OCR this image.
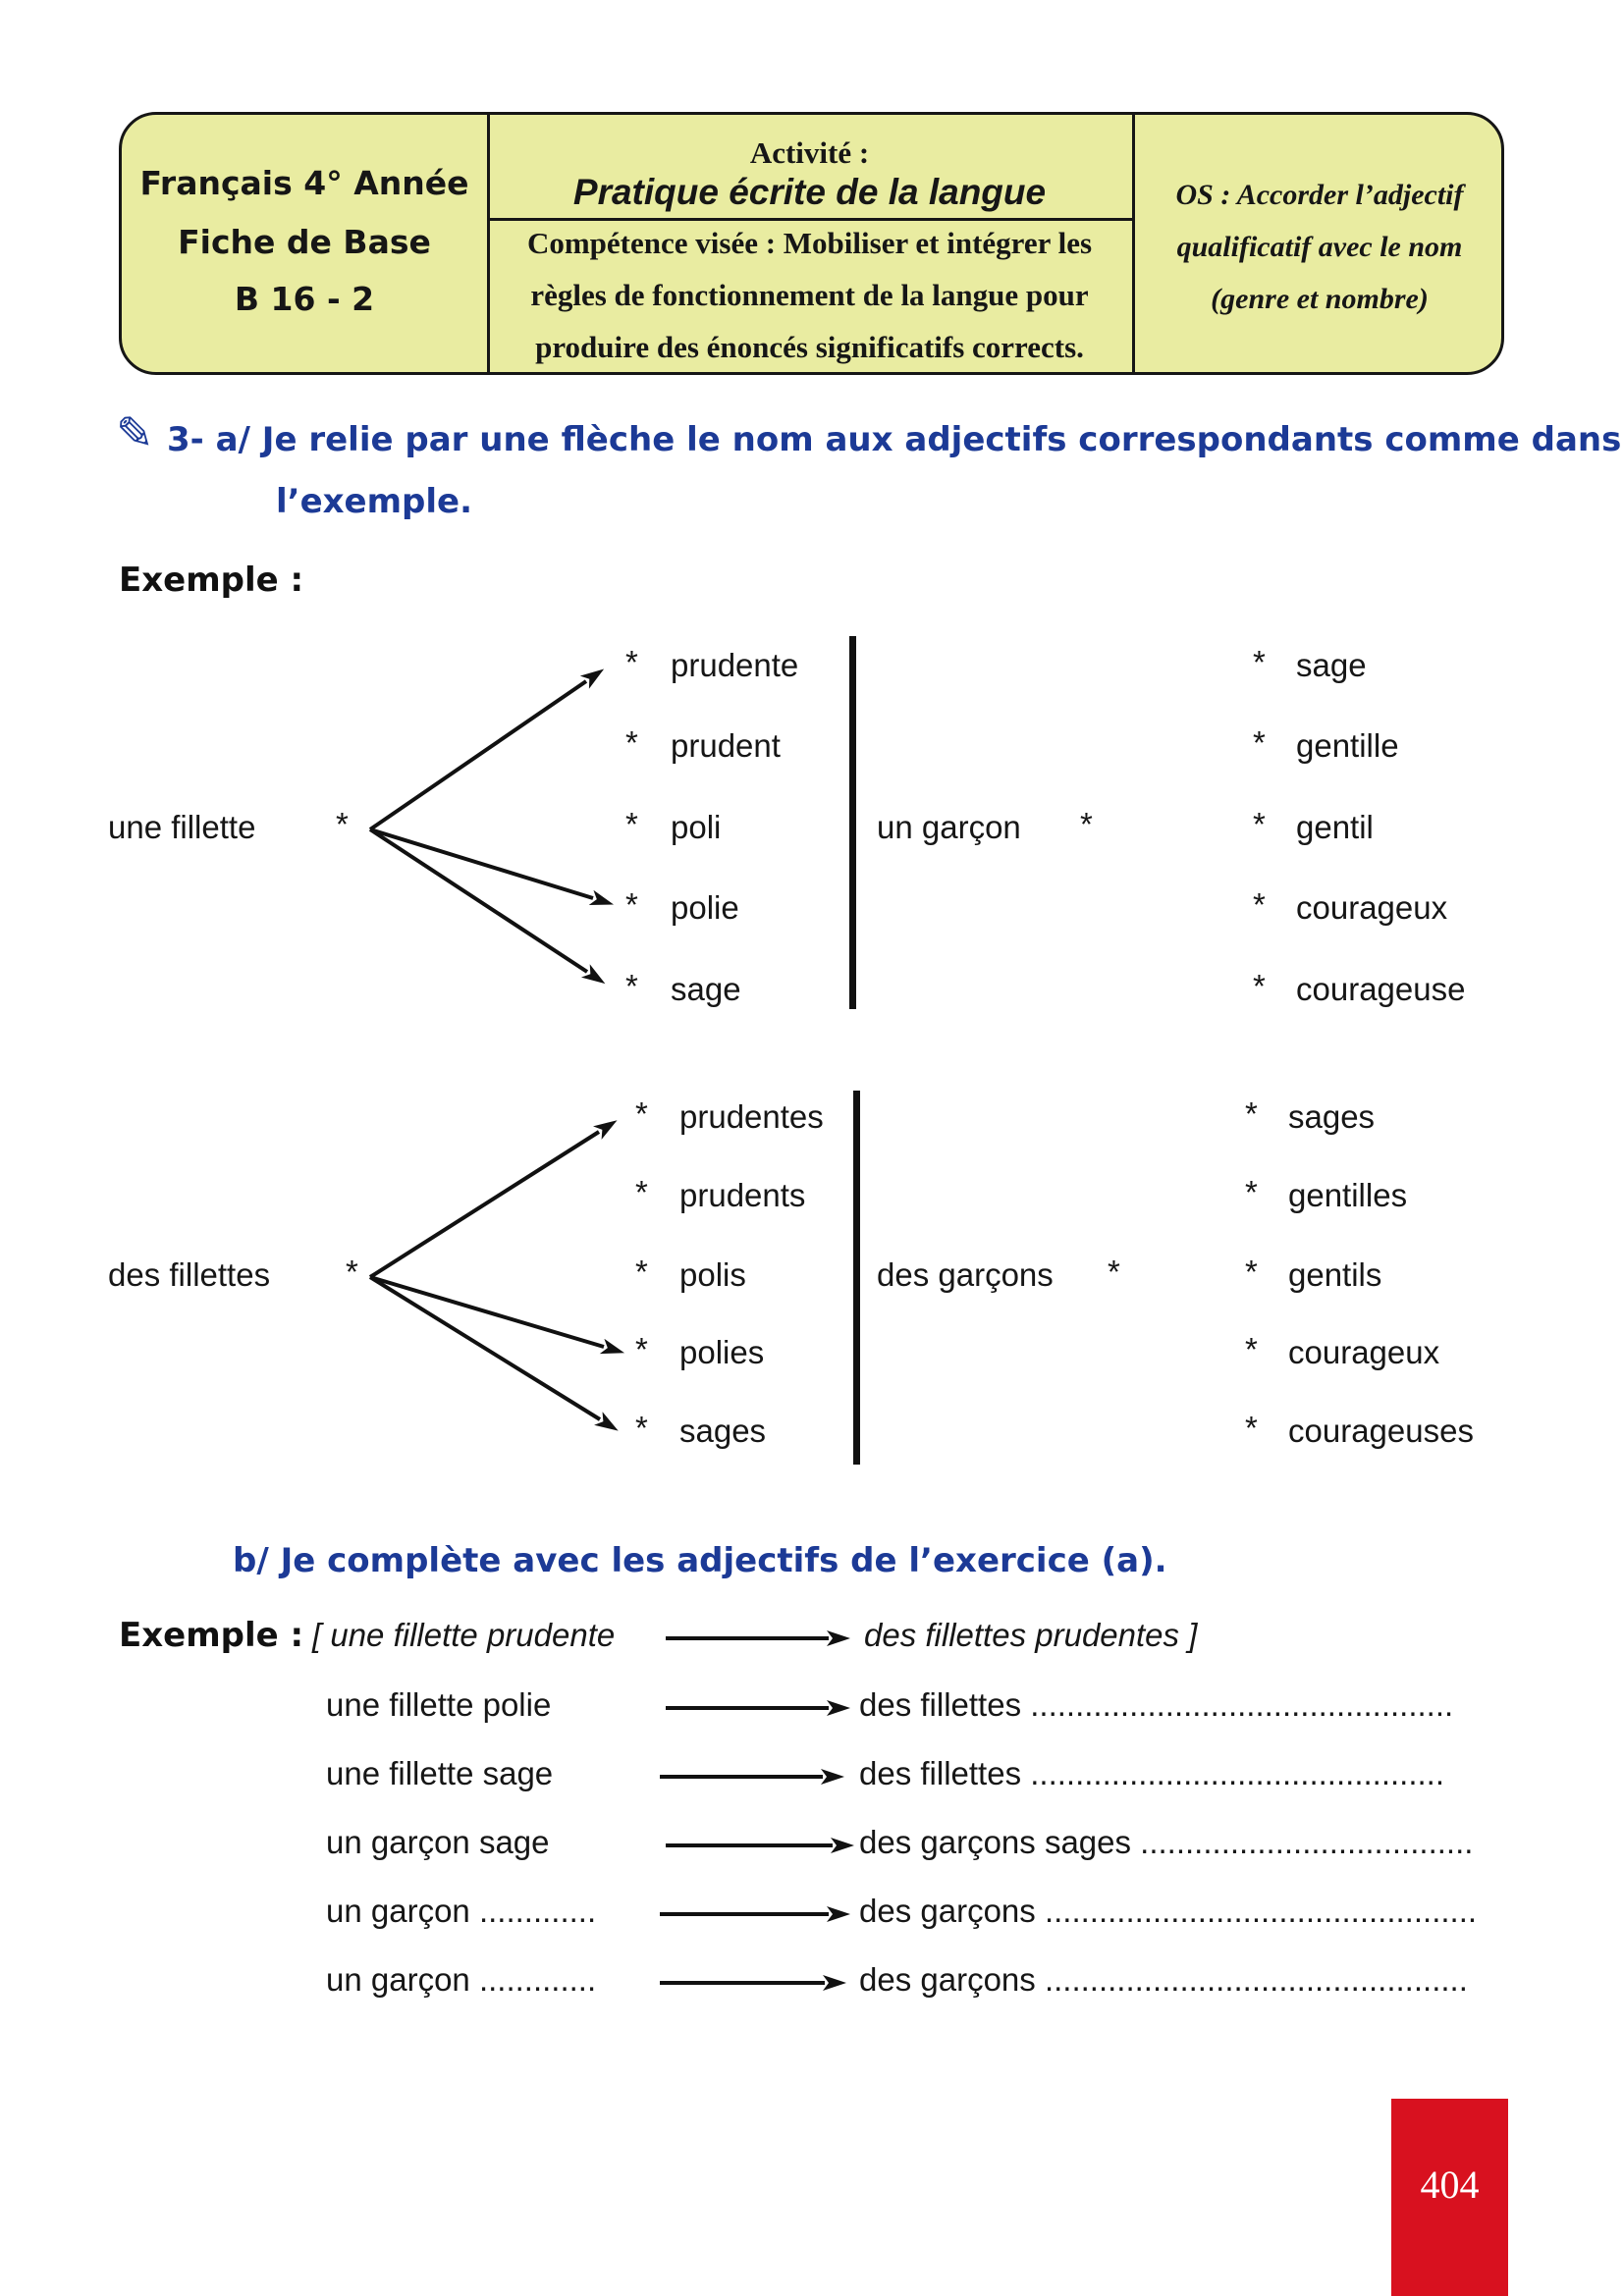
Français 4° Année
Fiche de Base
B 16 - 2
Activité :
Pratique écrite de la langue
Compétence visée : Mobiliser et intégrer les
règles de fonctionnement de la langue pour
produire des énoncés significatifs corrects.
OS : Accorder l’adjectif
qualificatif avec le nom
(genre et nombre)
✎ 3- a/ Je relie par une flèche le nom aux adjectifs correspondants comme dans
l’exemple.
Exemple :
une fillette *
* prudente
* prudent
* poli
* polie
* sage
un garçon *
* sage
* gentille
* gentil
* courageux
* courageuse
des fillettes *
* prudentes
* prudents
* polis
* polies
* sages
des garçons *
* sages
* gentilles
* gentils
* courageux
* courageuses
b/ Je complète avec les adjectifs de l’exercice (a).
Exemple : [ une fillette prudente	des fillettes prudentes ]
une fillette polie	des fillettes ...............................................
une fillette sage	des fillettes ..............................................
un garçon sage	des garçons sages .....................................
un garçon .............	des garçons ................................................
un garçon .............	des garçons ...............................................
404
